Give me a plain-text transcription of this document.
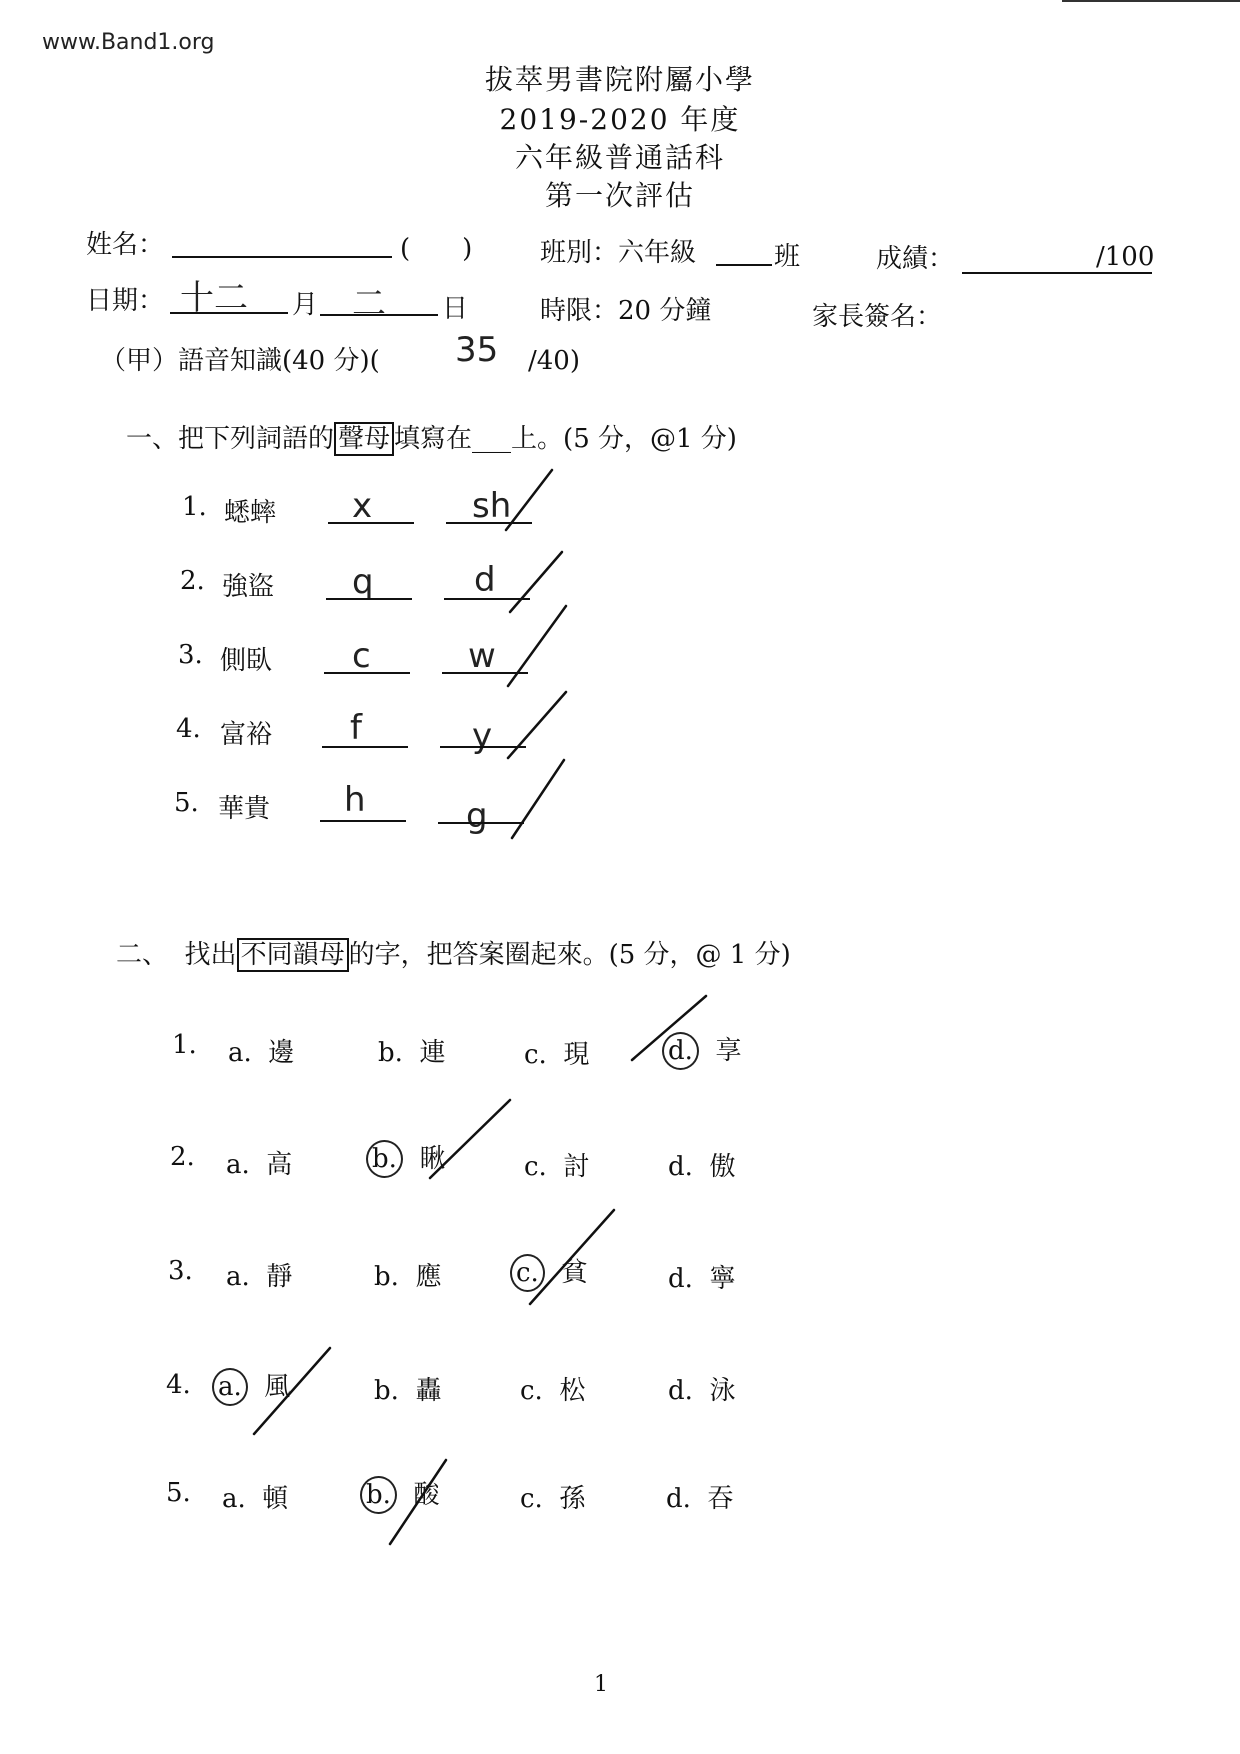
www.Band1.org
拔萃男書院附屬小學
2019-2020 年度
六年級普通話科
第一次評估
姓名：	(　　)	班別：六年級	班	成績：	/100
日期： 十二 月 二 日	時限：20 分鐘	家長簽名：
（甲）語音知識(40 分)( 35 /40)
一、把下列詞語的 聲母 填寫在___上。(5 分，@1 分)
1. 蟋蟀 x	sh
2. 強盜 q	d
3. 側臥 c	w
4. 富裕 f	y
5. 華貴 h	g
二、 找出 不同韻母 的字，把答案圈起來。(5 分，@ 1 分)
1. a.  邊	b.  連	c.  現	d. 享
2. a.  高	b. 瞅	c.  討	d.  傲
3. a.  靜	b.  應	c. 貧	d.  寧
4. a. 風	b.  轟	c.  松	d.  泳
5. a.  頓	b. 酸	c.  孫	d.  吞
1
